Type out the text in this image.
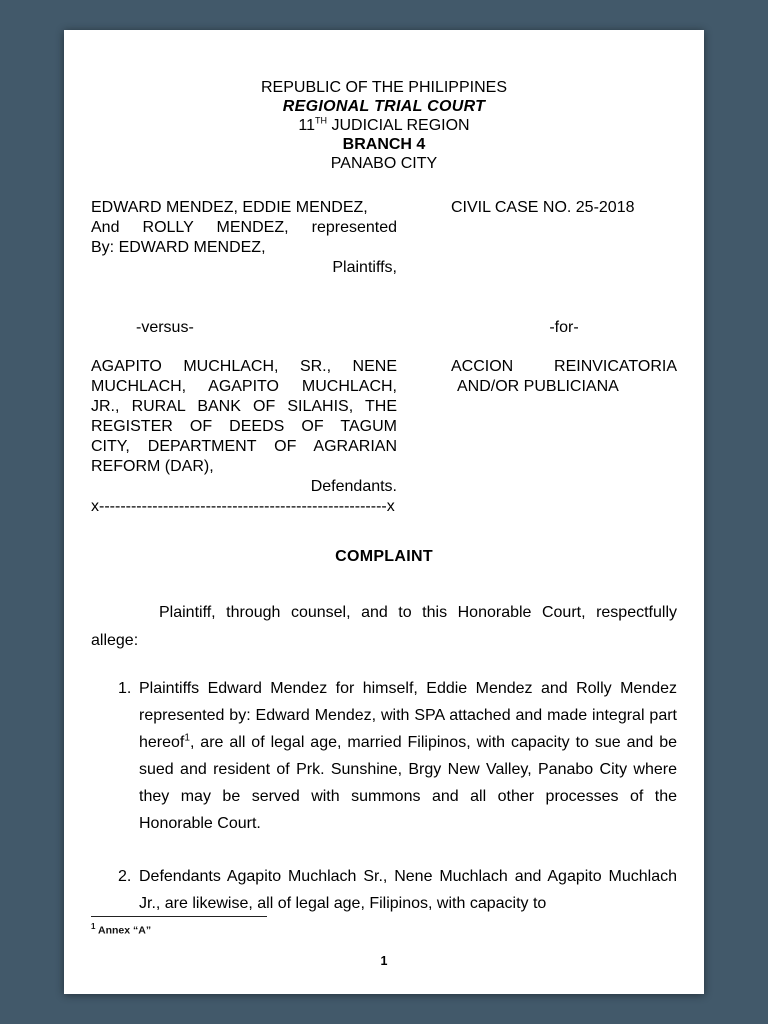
REPUBLIC OF THE PHILIPPINES
REGIONAL TRIAL COURT
11TH JUDICIAL REGION
BRANCH 4
PANABO CITY
EDWARD MENDEZ, EDDIE MENDEZ,
And ROLLY MENDEZ, represented
By: EDWARD MENDEZ,
CIVIL CASE NO. 25-2018
Plaintiffs,
-versus-	-for-
AGAPITO MUCHLACH, SR., NENE
MUCHLACH, AGAPITO MUCHLACH,
JR., RURAL BANK OF SILAHIS, THE
REGISTER OF DEEDS OF TAGUM
CITY, DEPARTMENT OF AGRARIAN
REFORM (DAR),
ACCION REINVICATORIA
AND/OR PUBLICIANA
Defendants.
x------------------------------------------------------x
COMPLAINT
Plaintiff, through counsel, and to this Honorable Court, respectfully allege:
1. Plaintiffs Edward Mendez for himself, Eddie Mendez and Rolly Mendez represented by: Edward Mendez, with SPA attached and made integral part hereof$^1$, are all of legal age, married Filipinos, with capacity to sue and be sued and resident of Prk. Sunshine, Brgy New Valley, Panabo City where they may be served with summons and all other processes of the Honorable Court.
2. Defendants Agapito Muchlach Sr., Nene Muchlach and Agapito Muchlach Jr., are likewise, all of legal age, Filipinos, with capacity to
$^1$ Annex “A”
1
